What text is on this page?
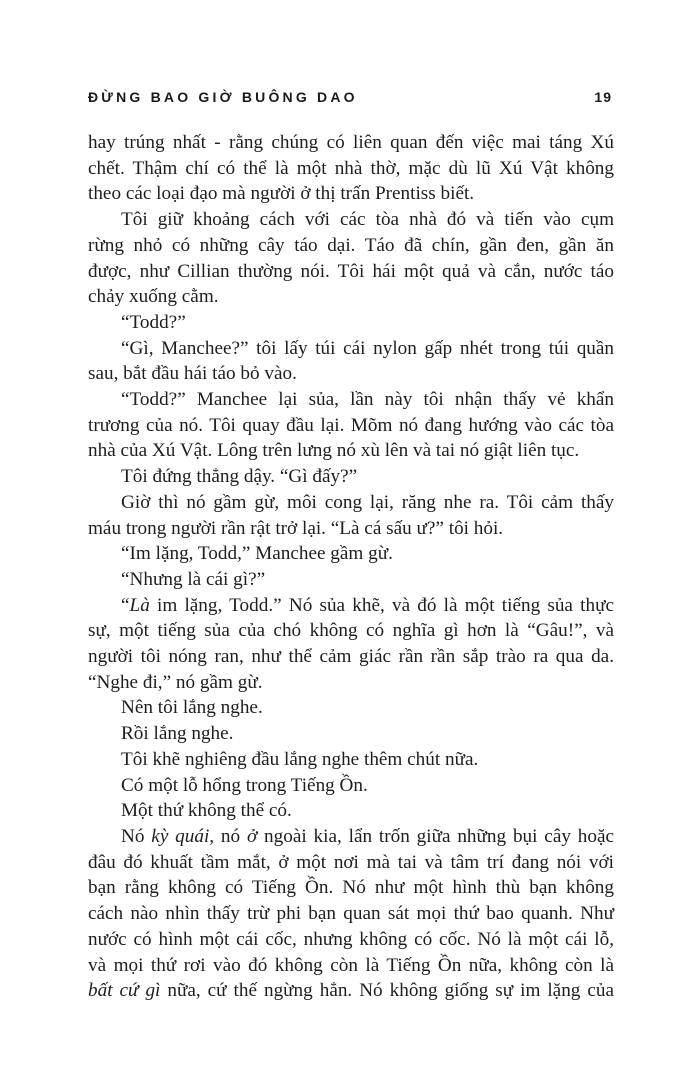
ĐỪNG BAO GIỜ BUÔNG DAO	19

hay trúng nhất - rằng chúng có liên quan đến việc mai táng Xú
chết. Thậm chí có thể là một nhà thờ, mặc dù lũ Xú Vật không
theo các loại đạo mà người ở thị trấn Prentiss biết.

Tôi giữ khoảng cách với các tòa nhà đó và tiến vào cụm
rừng nhỏ có những cây táo dại. Táo đã chín, gần đen, gần ăn
được, như Cillian thường nói. Tôi hái một quả và cắn, nước táo
chảy xuống cằm.

“Todd?”

“Gì, Manchee?” tôi lấy túi cái nylon gấp nhét trong túi quần
sau, bắt đầu hái táo bỏ vào.

“Todd?” Manchee lại sủa, lần này tôi nhận thấy vẻ khẩn
trương của nó. Tôi quay đầu lại. Mõm nó đang hướng vào các tòa
nhà của Xú Vật. Lông trên lưng nó xù lên và tai nó giật liên tục.

Tôi đứng thẳng dậy. “Gì đấy?”

Giờ thì nó gầm gừ, môi cong lại, răng nhe ra. Tôi cảm thấy
máu trong người rần rật trở lại. “Là cá sấu ư?” tôi hỏi.

“Im lặng, Todd,” Manchee gầm gừ.

“Nhưng là cái gì?”

“Là im lặng, Todd.” Nó sủa khẽ, và đó là một tiếng sủa thực
sự, một tiếng sủa của chó không có nghĩa gì hơn là “Gâu!”, và
người tôi nóng ran, như thể cảm giác rần rần sắp trào ra qua da.
“Nghe đi,” nó gầm gừ.

Nên tôi lắng nghe.

Rồi lắng nghe.

Tôi khẽ nghiêng đầu lắng nghe thêm chút nữa.

Có một lỗ hổng trong Tiếng Ồn.

Một thứ không thể có.

Nó kỳ quái, nó ở ngoài kia, lẩn trốn giữa những bụi cây hoặc
đâu đó khuất tầm mắt, ở một nơi mà tai và tâm trí đang nói với
bạn rằng không có Tiếng Ồn. Nó như một hình thù bạn không
cách nào nhìn thấy trừ phi bạn quan sát mọi thứ bao quanh. Như
nước có hình một cái cốc, nhưng không có cốc. Nó là một cái lỗ,
và mọi thứ rơi vào đó không còn là Tiếng Ồn nữa, không còn là
bất cứ gì nữa, cứ thế ngừng hẳn. Nó không giống sự im lặng của
